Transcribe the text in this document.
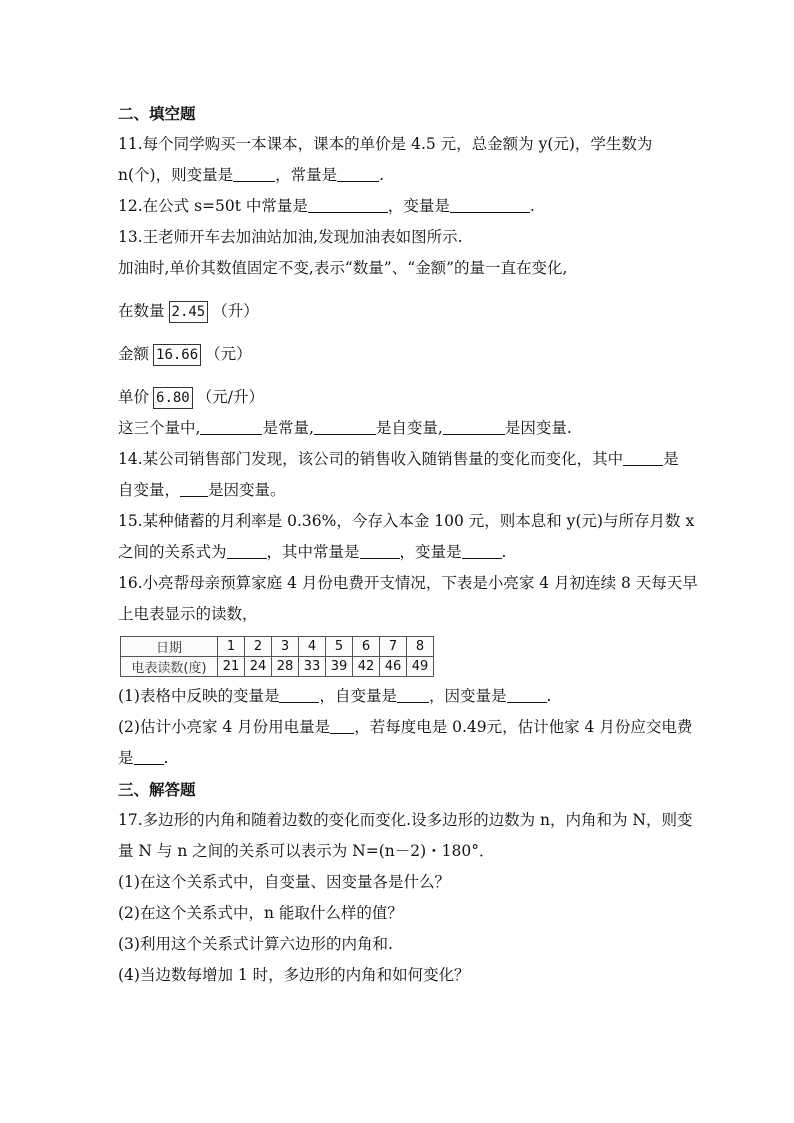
二、填空题
11.每个同学购买一本课本，课本的单价是 4.5 元，总金额为 y(元)，学生数为
n(个)，则变量是	，常量是	.
12.在公式 s=50t 中常量是	，变量是	.
13.王老师开车去加油站加油,发现加油表如图所示.
加油时,单价其数值固定不变,表示“数量”、“金额”的量一直在变化,
在数量 2.45 （升）
金额 16.66 （元）
单价 6.80 （元/升）
这三个量中,	是常量,	是自变量,	是因变量.
14.某公司销售部门发现，该公司的销售收入随销售量的变化而变化，其中	是
自变量， 是因变量。
15.某种储蓄的月利率是 0.36%，今存入本金 100 元，则本息和 y(元)与所存月数 x
之间的关系式为	，其中常量是	，变量是	.
16.小亮帮母亲预算家庭 4 月份电费开支情况，下表是小亮家 4 月初连续 8 天每天早
上电表显示的读数，
日期	1	2	3	4	5	6	7	8
电表读数(度)	21	24	28	33	39	42	46	49
(1)表格中反映的变量是	，自变量是 ，因变量是	.
(2)估计小亮家 4 月份用电量是 ，若每度电是 0.49元，估计他家 4 月份应交电费
是 .
三、解答题
17.多边形的内角和随着边数的变化而变化.设多边形的边数为 n，内角和为 N，则变
量 N 与 n 之间的关系可以表示为 N=(n－2)・180°．
(1)在这个关系式中，自变量、因变量各是什么？
(2)在这个关系式中，n 能取什么样的值？
(3)利用这个关系式计算六边形的内角和.
(4)当边数每增加 1 时，多边形的内角和如何变化？
